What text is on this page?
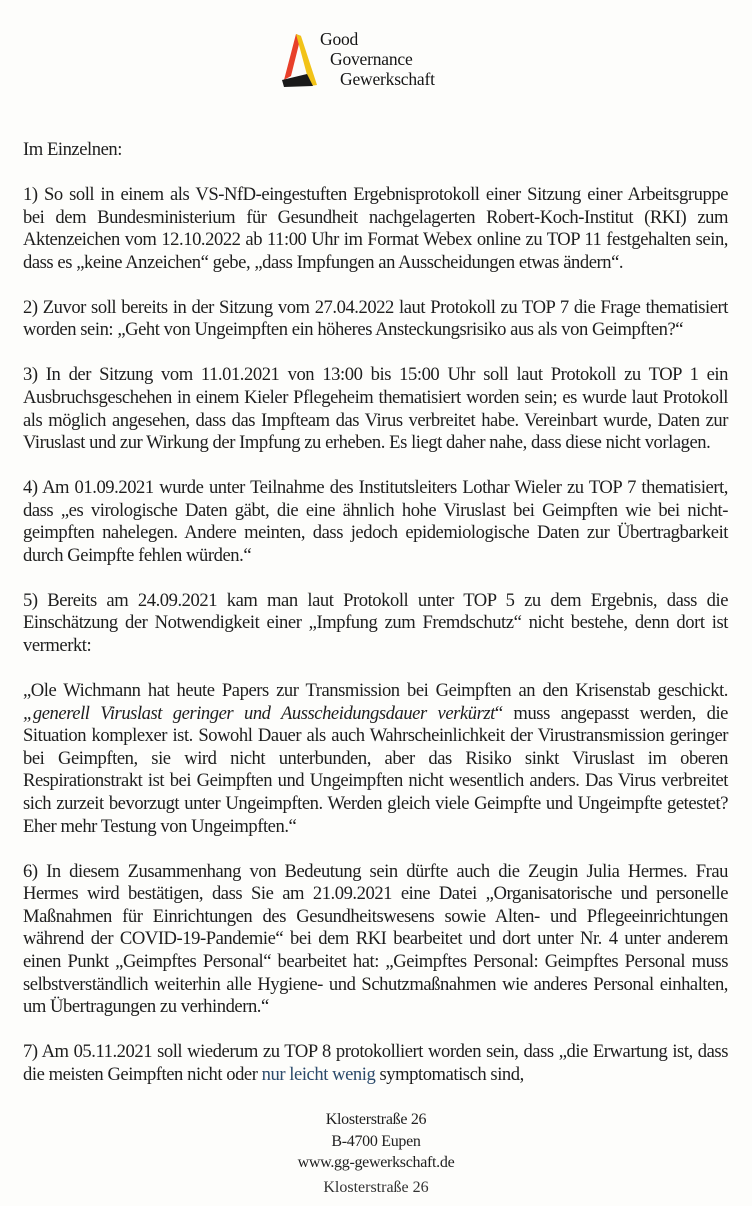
Good
Governance
Gewerkschaft

Im Einzelnen:

1) So soll in einem als VS-NfD-eingestuften Ergebnisprotokoll einer Sitzung einer Arbeitsgruppe bei dem Bundesministerium für Gesundheit nachgelagerten Robert-Koch-Institut (RKI) zum Aktenzeichen vom 12.10.2022 ab 11:00 Uhr im Format Webex online zu TOP 11 festgehalten sein, dass es „keine Anzeichen“ gebe, „dass Impfungen an Ausscheidungen etwas ändern“.

2) Zuvor soll bereits in der Sitzung vom 27.04.2022 laut Protokoll zu TOP 7 die Frage thematisiert worden sein: „Geht von Ungeimpften ein höheres Ansteckungsrisiko aus als von Geimpften?“

3) In der Sitzung vom 11.01.2021 von 13:00 bis 15:00 Uhr soll laut Protokoll zu TOP 1 ein Ausbruchsgeschehen in einem Kieler Pflegeheim thematisiert worden sein; es wurde laut Protokoll als möglich angesehen, dass das Impfteam das Virus verbreitet habe. Vereinbart wurde, Daten zur Viruslast und zur Wirkung der Impfung zu erheben. Es liegt daher nahe, dass diese nicht vorlagen.

4) Am 01.09.2021 wurde unter Teilnahme des Institutsleiters Lothar Wieler zu TOP 7 thematisiert, dass „es virologische Daten gäbt, die eine ähnlich hohe Viruslast bei Geimpften wie bei nicht-geimpften nahelegen. Andere meinten, dass jedoch epidemiologische Daten zur Übertragbarkeit durch Geimpfte fehlen würden.“

5) Bereits am 24.09.2021 kam man laut Protokoll unter TOP 5 zu dem Ergebnis, dass die Einschätzung der Notwendigkeit einer „Impfung zum Fremdschutz“ nicht bestehe, denn dort ist vermerkt:

„Ole Wichmann hat heute Papers zur Transmission bei Geimpften an den Krisenstab geschickt. „generell Viruslast geringer und Ausscheidungsdauer verkürzt“ muss angepasst werden, die Situation komplexer ist. Sowohl Dauer als auch Wahrscheinlichkeit der Virustransmission geringer bei Geimpften, sie wird nicht unterbunden, aber das Risiko sinkt Viruslast im oberen Respirationstrakt ist bei Geimpften und Ungeimpften nicht wesentlich anders. Das Virus verbreitet sich zurzeit bevorzugt unter Ungeimpften. Werden gleich viele Geimpfte und Ungeimpfte getestet? Eher mehr Testung von Ungeimpften.“

6) In diesem Zusammenhang von Bedeutung sein dürfte auch die Zeugin Julia Hermes. Frau Hermes wird bestätigen, dass Sie am 21.09.2021 eine Datei „Organisatorische und personelle Maßnahmen für Einrichtungen des Gesundheitswesens sowie Alten- und Pflegeeinrichtungen während der COVID-19-Pandemie“ bei dem RKI bearbeitet und dort unter Nr. 4 unter anderem einen Punkt „Geimpftes Personal“ bearbeitet hat: „Geimpftes Personal: Geimpftes Personal muss selbstverständlich weiterhin alle Hygiene- und Schutzmaßnahmen wie anderes Personal einhalten, um Übertragungen zu verhindern.“

7) Am 05.11.2021 soll wiederum zu TOP 8 protokolliert worden sein, dass „die Erwartung ist, dass die meisten Geimpften nicht oder nur leicht wenig symptomatisch sind,

Klosterstraße 26
B-4700 Eupen
www.gg-gewerkschaft.de
Klosterstraße 26
